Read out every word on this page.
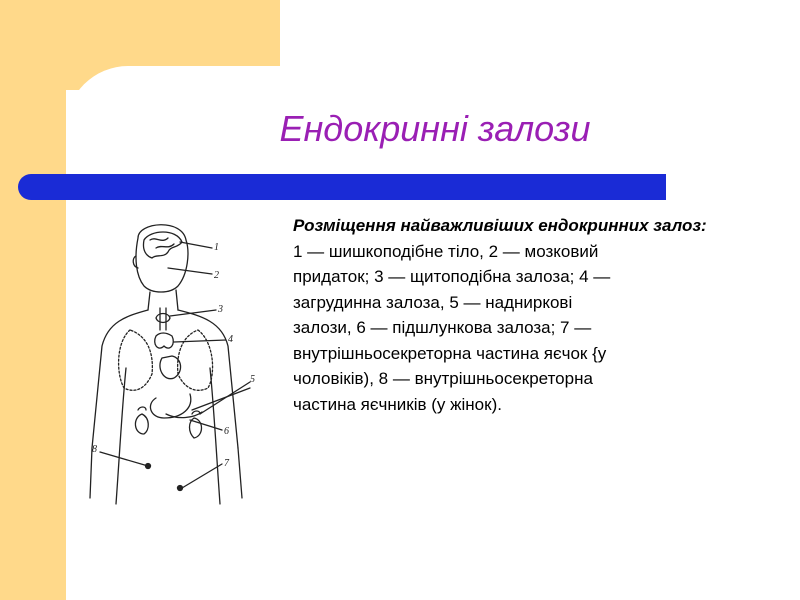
Ендокринні залози
1
2
3
4
5
6
7
8
Розміщення найважливіших ендокринних залоз:
1 — шишкоподібне тіло, 2 — мозковий
придаток; 3 — щитоподібна залоза; 4 —
загрудинна залоза, 5 — надниркові
залози, 6 — підшлункова залоза; 7 —
внутрішньосекреторна частина яєчок {у
чоловіків), 8 — внутрішньосекреторна
частина яєчників (у жінок).
